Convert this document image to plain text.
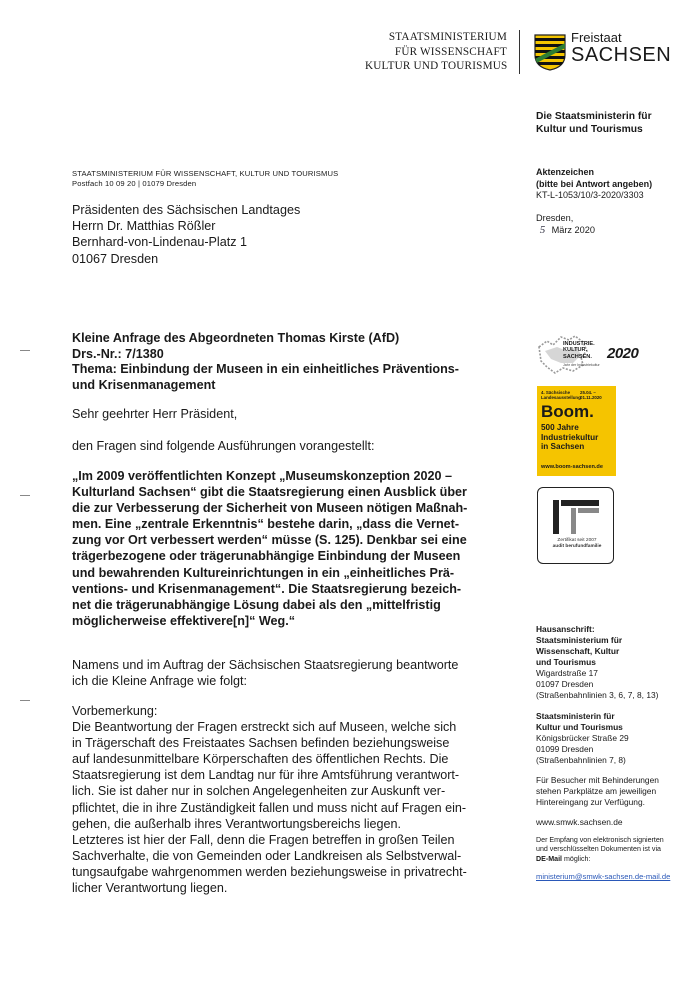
STAATSMINISTERIUM
FÜR WISSENSCHAFT
KULTUR UND TOURISMUS
Freistaat
SACHSEN
Die Staatsministerin für
Kultur und Tourismus
STAATSMINISTERIUM FÜR WISSENSCHAFT, KULTUR UND TOURISMUS
Postfach 10 09 20 | 01079 Dresden
Aktenzeichen
(bitte bei Antwort angeben)
KT-L-1053/10/3-2020/3303
Präsidenten des Sächsischen Landtages
Herrn Dr. Matthias Rößler
Bernhard-von-Lindenau-Platz 1
01067 Dresden
Dresden,
5 März 2020
Kleine Anfrage des Abgeordneten Thomas Kirste (AfD)
Drs.-Nr.: 7/1380
Thema: Einbindung der Museen in ein einheitliches Präventions-
und Krisenmanagement
Sehr geehrter Herr Präsident,
den Fragen sind folgende Ausführungen vorangestellt:
„Im 2009 veröffentlichten Konzept „Museumskonzeption 2020 –
Kulturland Sachsen“ gibt die Staatsregierung einen Ausblick über
die zur Verbesserung der Sicherheit von Museen nötigen Maßnah-
men. Eine „zentrale Erkenntnis“ bestehe darin, „dass die Vernet-
zung vor Ort verbessert werden“ müsse (S. 125). Denkbar sei eine
trägerbezogene oder trägerunabhängige Einbindung der Museen
und bewahrenden Kultureinrichtungen in ein „einheitliches Prä-
ventions- und Krisenmanagement“. Die Staatsregierung bezeich-
net die trägerunabhängige Lösung dabei als den „mittelfristig
möglicherweise effektivere[n]“ Weg.“
Namens und im Auftrag der Sächsischen Staatsregierung beantworte
ich die Kleine Anfrage wie folgt:
Vorbemerkung:
Die Beantwortung der Fragen erstreckt sich auf Museen, welche sich
in Trägerschaft des Freistaates Sachsen befinden beziehungsweise
auf landesunmittelbare Körperschaften des öffentlichen Rechts. Die
Staatsregierung ist dem Landtag nur für ihre Amtsführung verantwort-
lich. Sie ist daher nur in solchen Angelegenheiten zur Auskunft ver-
pflichtet, die in ihre Zuständigkeit fallen und muss nicht auf Fragen ein-
gehen, die außerhalb ihres Verantwortungsbereichs liegen.
Letzteres ist hier der Fall, denn die Fragen betreffen in großen Teilen
Sachverhalte, die von Gemeinden oder Landkreisen als Selbstverwal-
tungsaufgabe wahrgenommen werden beziehungsweise in privatrecht-
licher Verantwortung liegen.
INDUSTRIE.
KULTUR.
SACHSEN. 2020
Jahr der Industriekultur
4. Sächsische Landesausstellung
25.04. – 01.11.2020
Boom.
500 Jahre
Industriekultur
in Sachsen
www.boom-sachsen.de
Zertifikat seit 2007
audit berufundfamilie
Hausanschrift:
Staatsministerium für
Wissenschaft, Kultur
und Tourismus
Wigardstraße 17
01097 Dresden
(Straßenbahnlinien 3, 6, 7, 8, 13)
Staatsministerin für
Kultur und Tourismus
Königsbrücker Straße 29
01099 Dresden
(Straßenbahnlinien 7, 8)
Für Besucher mit Behinderungen
stehen Parkplätze am jeweiligen
Hintereingang zur Verfügung.
www.smwk.sachsen.de
Der Empfang von elektronisch signierten
und verschlüsselten Dokumenten ist via
DE-Mail möglich:
ministerium@smwk-sachsen.de-mail.de
